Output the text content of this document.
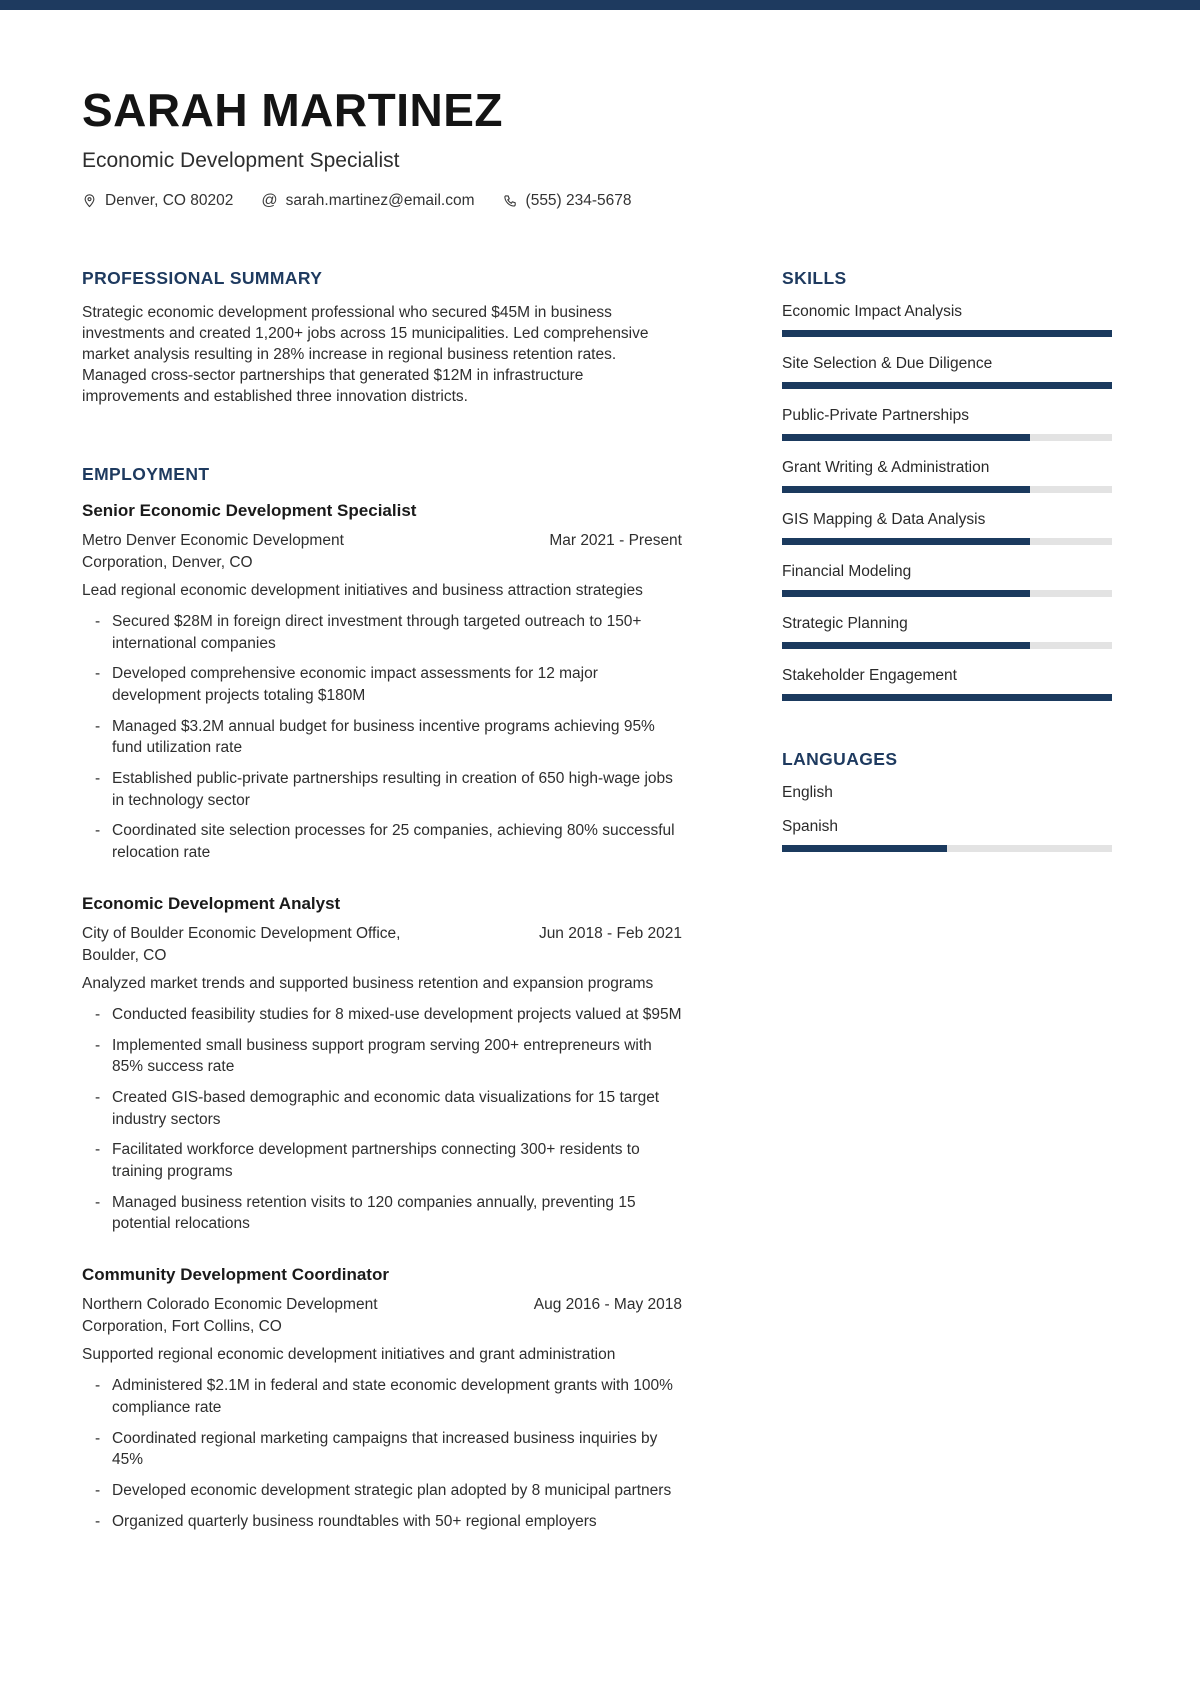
SARAH MARTINEZ

Economic Development Specialist

Denver, CO 80202 @ sarah.martinez@email.com	(555) 234-5678
PROFESSIONAL SUMMARY

Strategic economic development professional who secured $45M in business investments and created 1,200+ jobs across 15 municipalities. Led comprehensive market analysis resulting in 28% increase in regional business retention rates. Managed cross-sector partnerships that generated $12M in infrastructure improvements and established three innovation districts.

EMPLOYMENT
Senior Economic Development Specialist
Metro Denver Economic Development Corporation, Denver, CO
Mar 2021 - Present

Lead regional economic development initiatives and business attraction strategies

- Secured $28M in foreign direct investment through targeted outreach to 150+ international companies
- Developed comprehensive economic impact assessments for 12 major development projects totaling $180M
- Managed $3.2M annual budget for business incentive programs achieving 95% fund utilization rate
- Established public-private partnerships resulting in creation of 650 high-wage jobs in technology sector
- Coordinated site selection processes for 25 companies, achieving 80% successful relocation rate
Economic Development Analyst
City of Boulder Economic Development Office, Boulder, CO
Jun 2018 - Feb 2021

Analyzed market trends and supported business retention and expansion programs

- Conducted feasibility studies for 8 mixed-use development projects valued at $95M
- Implemented small business support program serving 200+ entrepreneurs with 85% success rate
- Created GIS-based demographic and economic data visualizations for 15 target industry sectors
- Facilitated workforce development partnerships connecting 300+ residents to training programs
- Managed business retention visits to 120 companies annually, preventing 15 potential relocations
Community Development Coordinator
Northern Colorado Economic Development Corporation, Fort Collins, CO
Aug 2016 - May 2018

Supported regional economic development initiatives and grant administration

- Administered $2.1M in federal and state economic development grants with 100% compliance rate
- Coordinated regional marketing campaigns that increased business inquiries by 45%
- Developed economic development strategic plan adopted by 8 municipal partners
- Organized quarterly business roundtables with 50+ regional employers
SKILLS
Economic Impact Analysis
Site Selection & Due Diligence
Public-Private Partnerships
Grant Writing & Administration
GIS Mapping & Data Analysis
Financial Modeling
Strategic Planning
Stakeholder Engagement
LANGUAGES
English
Spanish
